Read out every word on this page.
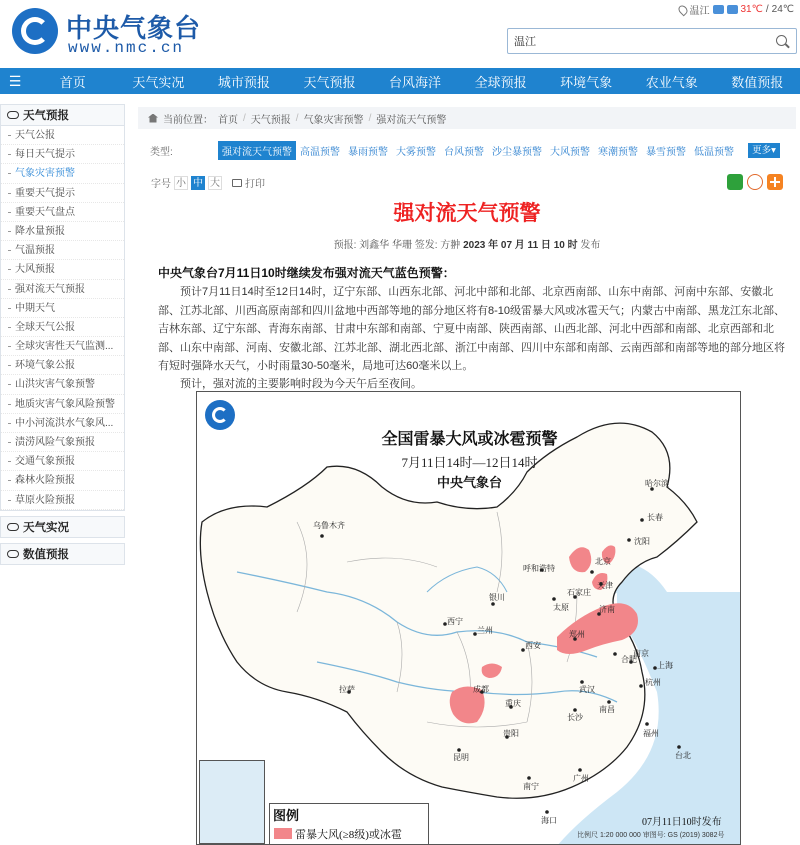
中央气象台
www.nmc.cn
温江	31℃ / 24℃
温江
☰	首页	天气实况	城市预报	天气预报	台风海洋	全球预报	环境气象	农业气象	数值预报
天气预报
天气公报
每日天气提示
气象灾害预警
重要天气提示
重要天气盘点
降水量预报
气温预报
大风预报
强对流天气预报
中期天气
全球天气公报
全球灾害性天气监测...
环境气象公报
山洪灾害气象预警
地质灾害气象风险预警
中小河流洪水气象风...
渍涝风险气象预报
交通气象预报
森林火险预报
草原火险预报
天气实况
数值预报
当前位置： 首页 / 天气预报 / 气象灾害预警 / 强对流天气预警
类型:	强对流天气预警 高温预警 暴雨预警 大雾预警 台风预警 沙尘暴预警 大风预警 寒潮预警 暴雪预警 低温预警	更多▾
字号 小 中 大	打印
强对流天气预警
预报: 刘鑫华 华珊 签发: 方翀 2023 年 07 月 11 日 10 时 发布
中央气象台7月11日10时继续发布强对流天气蓝色预警：
预计7月11日14时至12日14时，辽宁东部、山西东北部、河北中部和北部、北京西南部、山东中南部、河南中东部、安徽北部、江苏北部、川西高原南部和四川盆地中西部等地的部分地区将有8-10级雷暴大风或冰雹天气；内蒙古中南部、黑龙江东北部、吉林东部、辽宁东部、青海东南部、甘肃中东部和南部、宁夏中南部、陕西南部、山西北部、河北中西部和南部、北京西部和北部、山东中南部、河南、安徽北部、江苏北部、湖北西北部、浙江中南部、四川中东部和南部、云南西部和南部等地的部分地区将有短时强降水天气，小时雨量30-50毫米，局地可达60毫米以上。
预计，强对流的主要影响时段为今天午后至夜间。
全国雷暴大风或冰雹预警
7月11日14时—12日14时
中央气象台
乌鲁木齐
哈尔滨
长春
沈阳
北京
天津
呼和浩特
银川
太原
石家庄
济南
西宁
兰州	郑州
西安
合肥
南京
上海
成都
拉萨	武汉
杭州
重庆
长沙
南昌
贵阳	福州
昆明
广州
南宁
海口
台北
图例
雷暴大风(≥8级)或冰雹
07月11日10时发布
比例尺 1:20 000 000 审图号: GS (2019) 3082号
